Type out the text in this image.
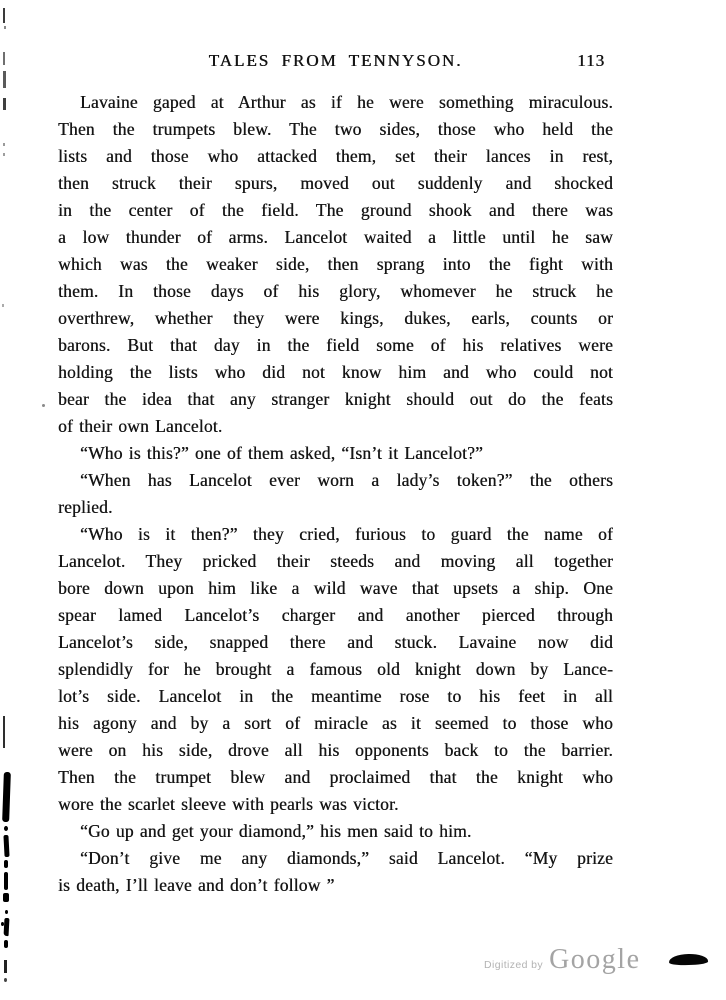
TALES FROM TENNYSON.	113
Lavaine gaped at Arthur as if he were something miraculous.
Then the trumpets blew. The two sides, those who held the
lists and those who attacked them, set their lances in rest,
then struck their spurs, moved out suddenly and shocked
in the center of the field. The ground shook and there was
a low thunder of arms. Lancelot waited a little until he saw
which was the weaker side, then sprang into the fight with
them. In those days of his glory, whomever he struck he
overthrew, whether they were kings, dukes, earls, counts or
barons. But that day in the field some of his relatives were
holding the lists who did not know him and who could not
bear the idea that any stranger knight should out do the feats
of their own Lancelot.
“Who is this?” one of them asked, “Isn’t it Lancelot?”
“When has Lancelot ever worn a lady’s token?” the others
replied.
“Who is it then?” they cried, furious to guard the name of
Lancelot. They pricked their steeds and moving all together
bore down upon him like a wild wave that upsets a ship. One
spear lamed Lancelot’s charger and another pierced through
Lancelot’s side, snapped there and stuck. Lavaine now did
splendidly for he brought a famous old knight down by Lance-
lot’s side. Lancelot in the meantime rose to his feet in all
his agony and by a sort of miracle as it seemed to those who
were on his side, drove all his opponents back to the barrier.
Then the trumpet blew and proclaimed that the knight who
wore the scarlet sleeve with pearls was victor.
“Go up and get your diamond,” his men said to him.
“Don’t give me any diamonds,” said Lancelot. “My prize
is death, I’ll leave and don’t follow ”
Digitized by Google
